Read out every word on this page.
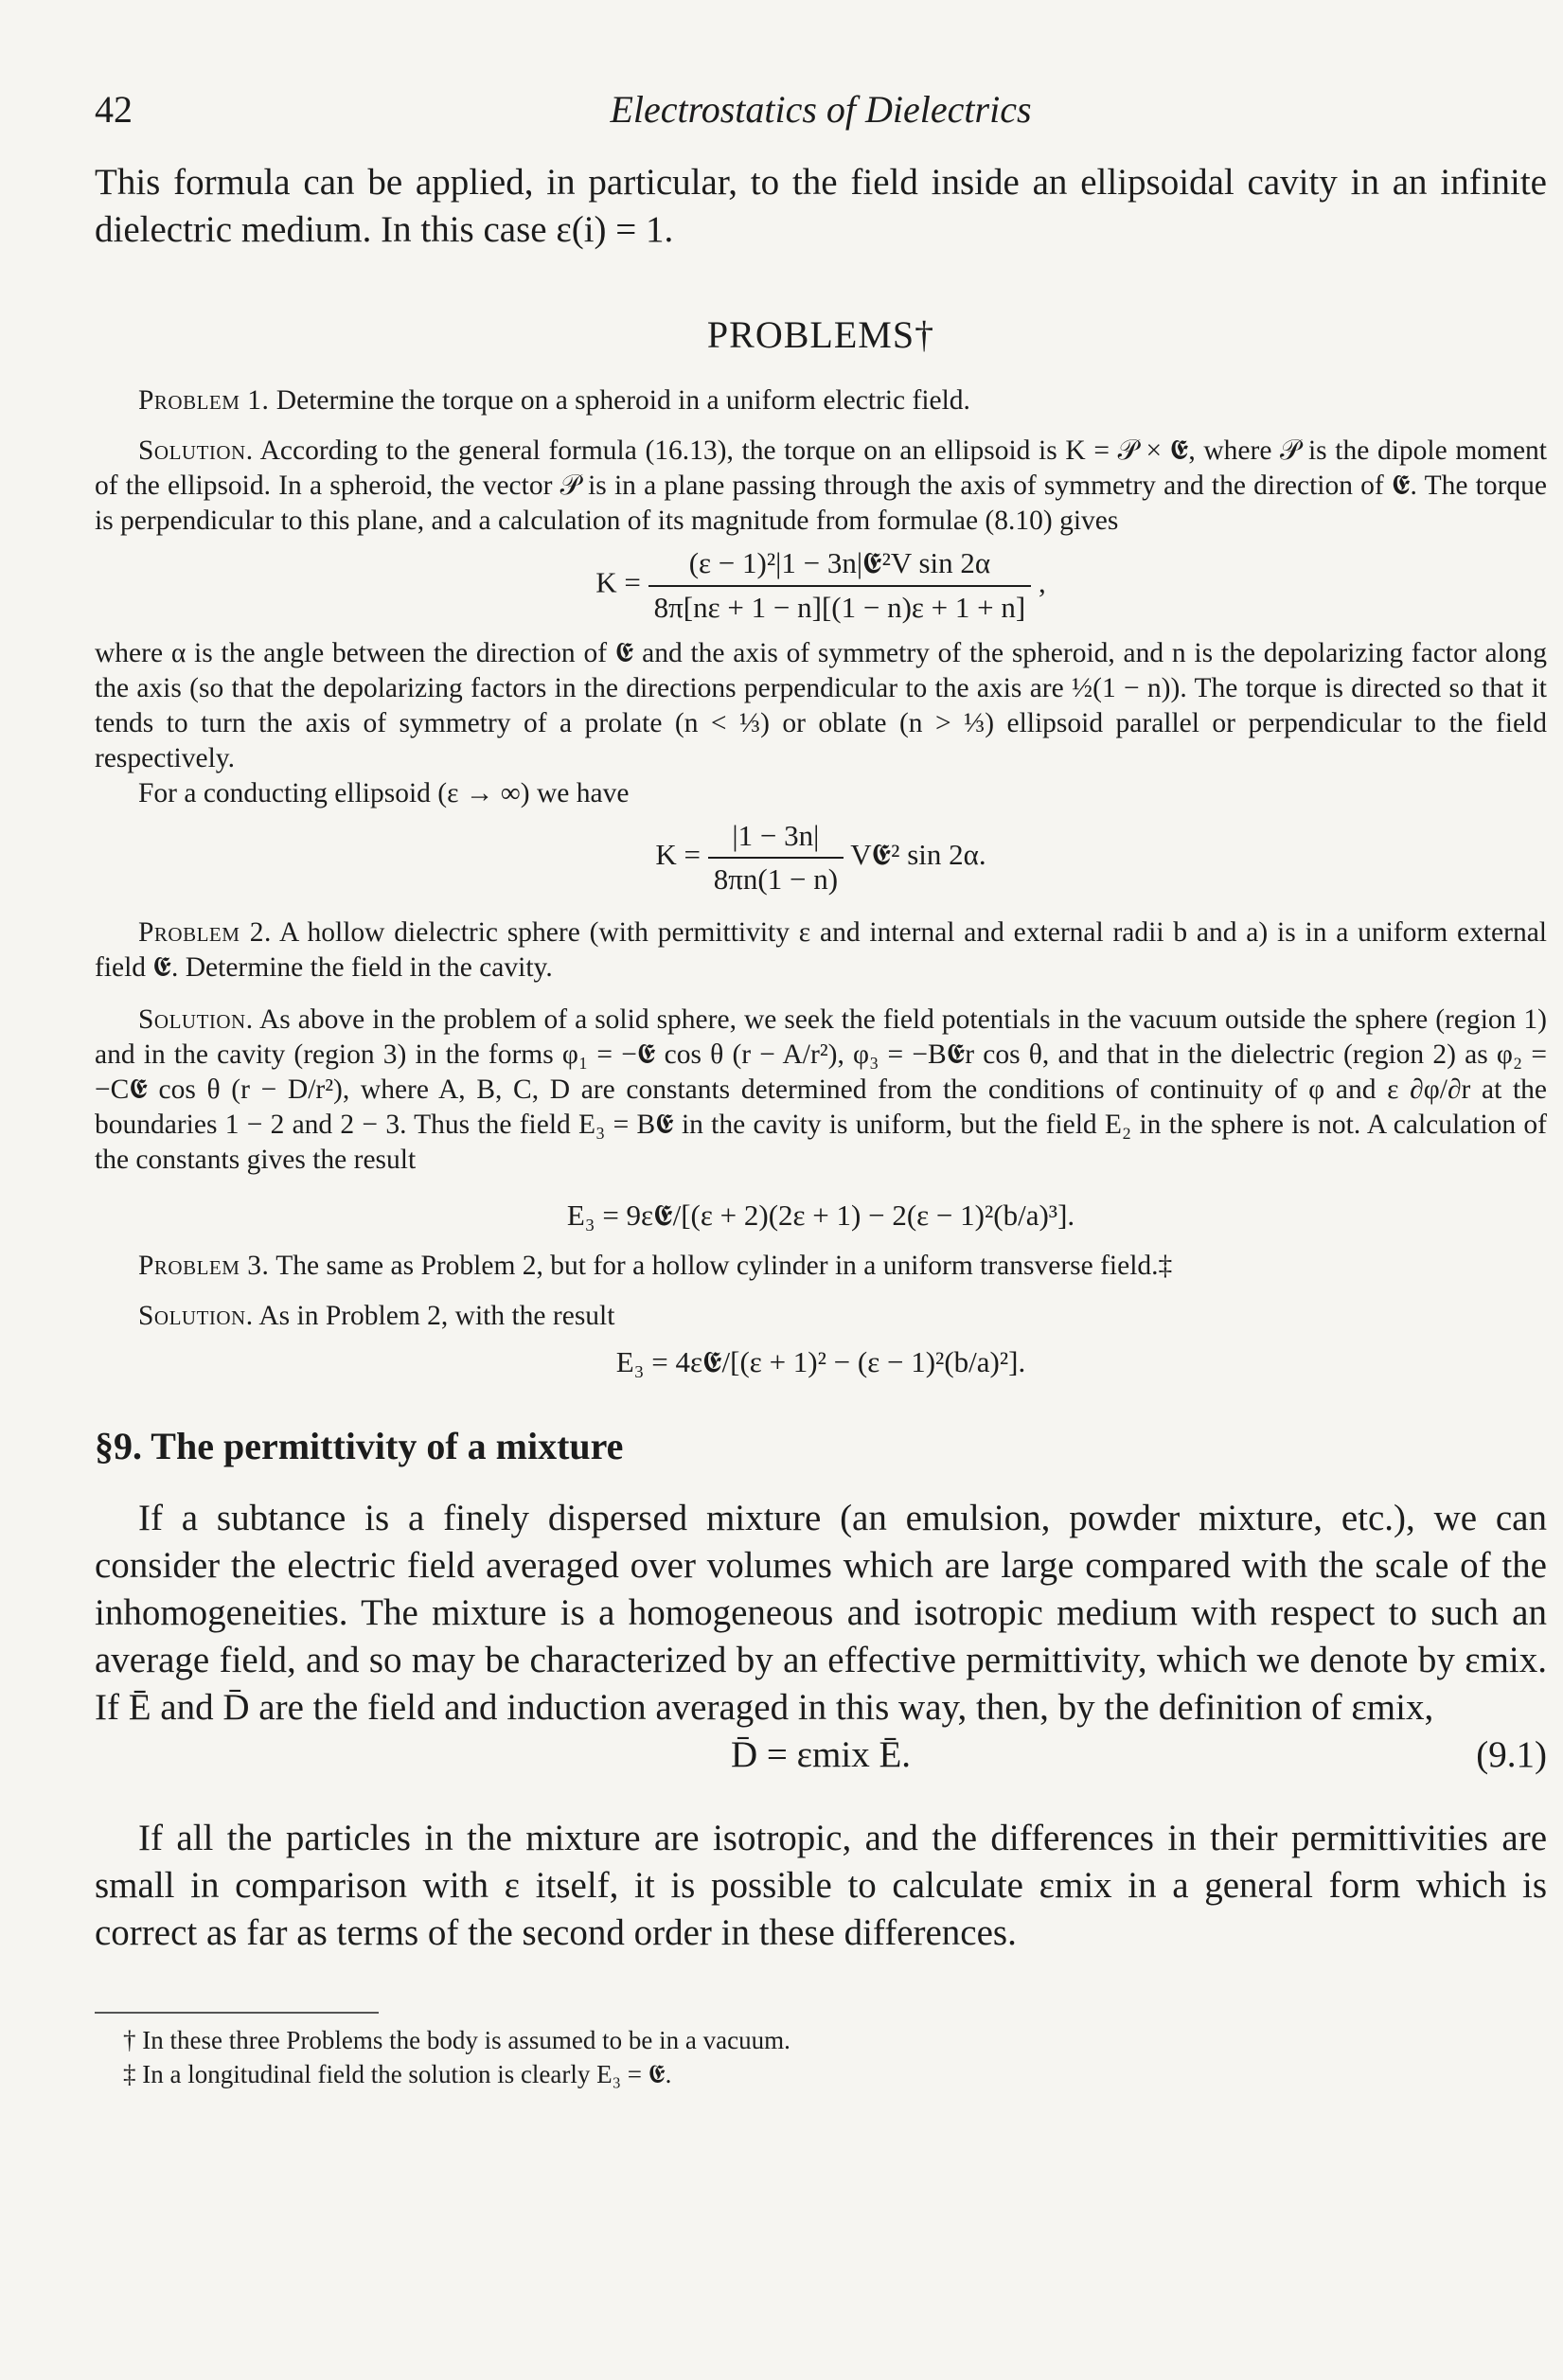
42	Electrostatics of Dielectrics

This formula can be applied, in particular, to the field inside an ellipsoidal cavity in an infinite dielectric medium. In this case ε(i) = 1.

PROBLEMS†

Problem 1. Determine the torque on a spheroid in a uniform electric field.

Solution. According to the general formula (16.13), the torque on an ellipsoid is K = 𝒫 × 𝕰, where 𝒫 is the dipole moment of the ellipsoid. In a spheroid, the vector 𝒫 is in a plane passing through the axis of symmetry and the direction of 𝕰. The torque is perpendicular to this plane, and a calculation of its magnitude from formulae (8.10) gives

$K = \frac{\text{(ε − 1)²|1 − 3n|𝕰²V sin 2α}}{8\pi[n\varepsilon + 1 - n][(1 - n)\varepsilon + 1 + n]}$ ,

where α is the angle between the direction of 𝕰 and the axis of symmetry of the spheroid, and n is the depolarizing factor along the axis (so that the depolarizing factors in the directions perpendicular to the axis are ½(1 − n)). The torque is directed so that it tends to turn the axis of symmetry of a prolate (n < ⅓) or oblate (n > ⅓) ellipsoid parallel or perpendicular to the field respectively.

For a conducting ellipsoid (ε → ∞) we have

$K = \frac{|1 - 3n|}{8\pi n(1 - n)}$ V𝕰² sin 2α.

Problem 2. A hollow dielectric sphere (with permittivity ε and internal and external radii b and a) is in a uniform external field 𝕰. Determine the field in the cavity.

Solution. As above in the problem of a solid sphere, we seek the field potentials in the vacuum outside the sphere (region 1) and in the cavity (region 3) in the forms φ₁ = −𝕰 cos θ (r − A/r²), φ₃ = −B𝕰r cos θ, and that in the dielectric (region 2) as φ₂ = −C𝕰 cos θ (r − D/r²), where A, B, C, D are constants determined from the conditions of continuity of φ and ε ∂φ/∂r at the boundaries 1 − 2 and 2 − 3. Thus the field E₃ = B𝕰 in the cavity is uniform, but the field E₂ in the sphere is not. A calculation of the constants gives the result

E₃ = 9ε𝕰/[(ε + 2)(2ε + 1) − 2(ε − 1)²(b/a)³].

Problem 3. The same as Problem 2, but for a hollow cylinder in a uniform transverse field.‡

Solution. As in Problem 2, with the result

E₃ = 4ε𝕰/[(ε + 1)² − (ε − 1)²(b/a)²].
§9. The permittivity of a mixture

If a subtance is a finely dispersed mixture (an emulsion, powder mixture, etc.), we can consider the electric field averaged over volumes which are large compared with the scale of the inhomogeneities. The mixture is a homogeneous and isotropic medium with respect to such an average field, and so may be characterized by an effective permittivity, which we denote by εmix. If Ē and D̄ are the field and induction averaged in this way, then, by the definition of εmix,

D̄ = εmix Ē.	(9.1)

If all the particles in the mixture are isotropic, and the differences in their permittivities are small in comparison with ε itself, it is possible to calculate εmix in a general form which is correct as far as terms of the second order in these differences.

† In these three Problems the body is assumed to be in a vacuum.
‡ In a longitudinal field the solution is clearly E₃ = 𝕰.
